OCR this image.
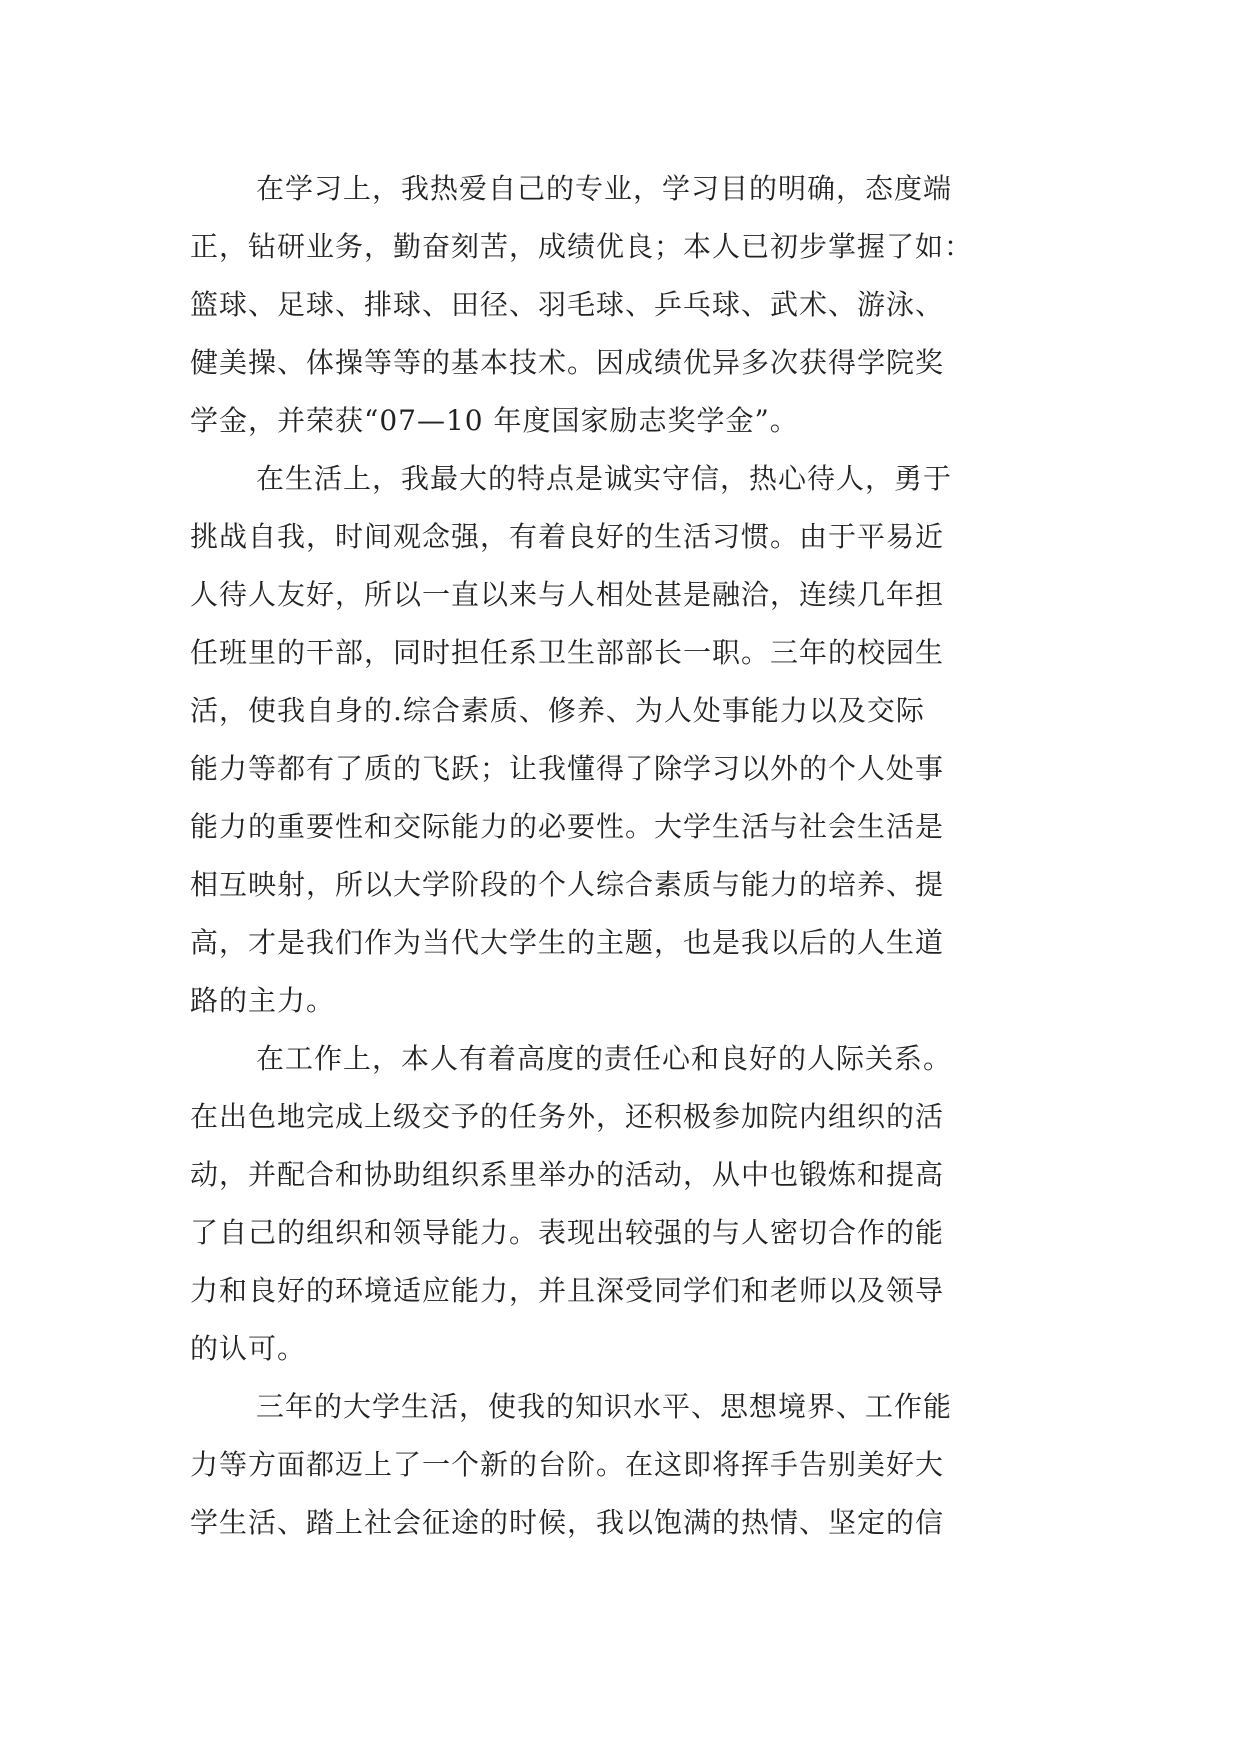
在学习上，我热爱自己的专业，学习目的明确，态度端
正，钻研业务，勤奋刻苦，成绩优良；本人已初步掌握了如：
篮球、足球、排球、田径、羽毛球、乒乓球、武术、游泳、
健美操、体操等等的基本技术。因成绩优异多次获得学院奖
学金，并荣获“07—10 年度国家励志奖学金”。
在生活上，我最大的特点是诚实守信，热心待人，勇于
挑战自我，时间观念强，有着良好的生活习惯。由于平易近
人待人友好，所以一直以来与人相处甚是融洽，连续几年担
任班里的干部，同时担任系卫生部部长一职。三年的校园生
活，使我自身的.综合素质、修养、为人处事能力以及交际
能力等都有了质的飞跃；让我懂得了除学习以外的个人处事
能力的重要性和交际能力的必要性。大学生活与社会生活是
相互映射，所以大学阶段的个人综合素质与能力的培养、提
高，才是我们作为当代大学生的主题，也是我以后的人生道
路的主力。
在工作上，本人有着高度的责任心和良好的人际关系。
在出色地完成上级交予的任务外，还积极参加院内组织的活
动，并配合和协助组织系里举办的活动，从中也锻炼和提高
了自己的组织和领导能力。表现出较强的与人密切合作的能
力和良好的环境适应能力，并且深受同学们和老师以及领导
的认可。
三年的大学生活，使我的知识水平、思想境界、工作能
力等方面都迈上了一个新的台阶。在这即将挥手告别美好大
学生活、踏上社会征途的时候，我以饱满的热情、坚定的信
